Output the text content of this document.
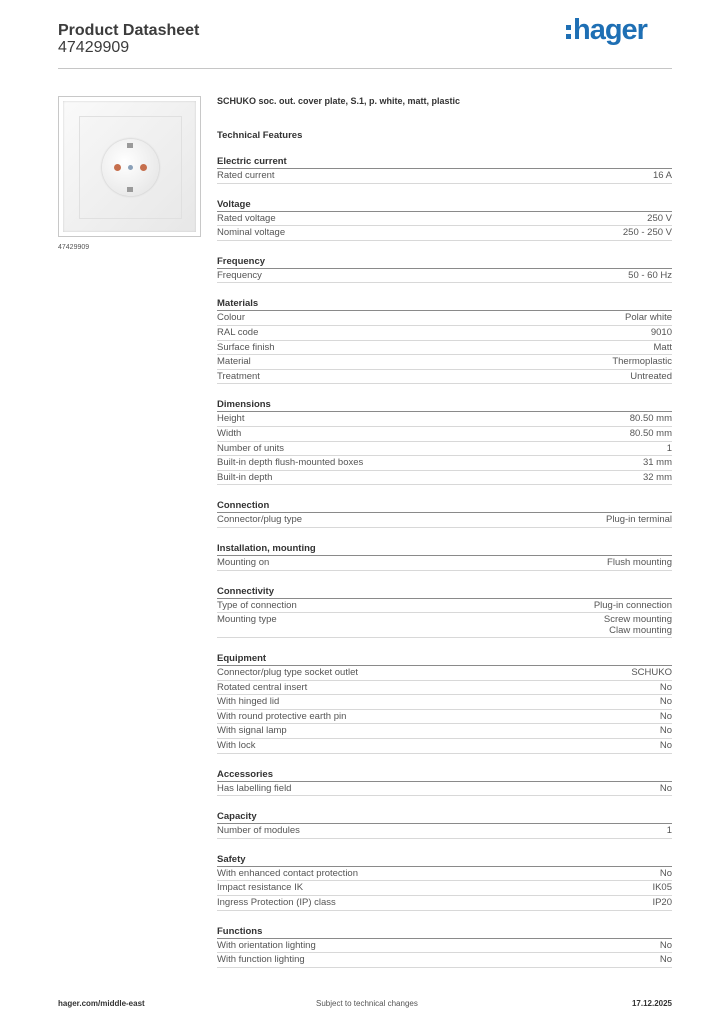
Product Datasheet
47429909
hager
47429909
SCHUKO soc. out. cover plate, S.1, p. white, matt, plastic
Technical Features
Electric current
Rated current	16 A
Voltage
Rated voltage	250 V
Nominal voltage	250 - 250 V
Frequency
Frequency	50 - 60 Hz
Materials
Colour	Polar white
RAL code	9010
Surface finish	Matt
Material	Thermoplastic
Treatment	Untreated
Dimensions
Height	80.50 mm
Width	80.50 mm
Number of units	1
Built-in depth flush-mounted boxes	31 mm
Built-in depth	32 mm
Connection
Connector/plug type	Plug-in terminal
Installation, mounting
Mounting on	Flush mounting
Connectivity
Type of connection	Plug-in connection
Mounting type	Screw mounting
Claw mounting
Equipment
Connector/plug type socket outlet	SCHUKO
Rotated central insert	No
With hinged lid	No
With round protective earth pin	No
With signal lamp	No
With lock	No
Accessories
Has labelling field	No
Capacity
Number of modules	1
Safety
With enhanced contact protection	No
Impact resistance IK	IK05
Ingress Protection (IP) class	IP20
Functions
With orientation lighting	No
With function lighting	No
hager.com/middle-east	Subject to technical changes	17.12.2025
